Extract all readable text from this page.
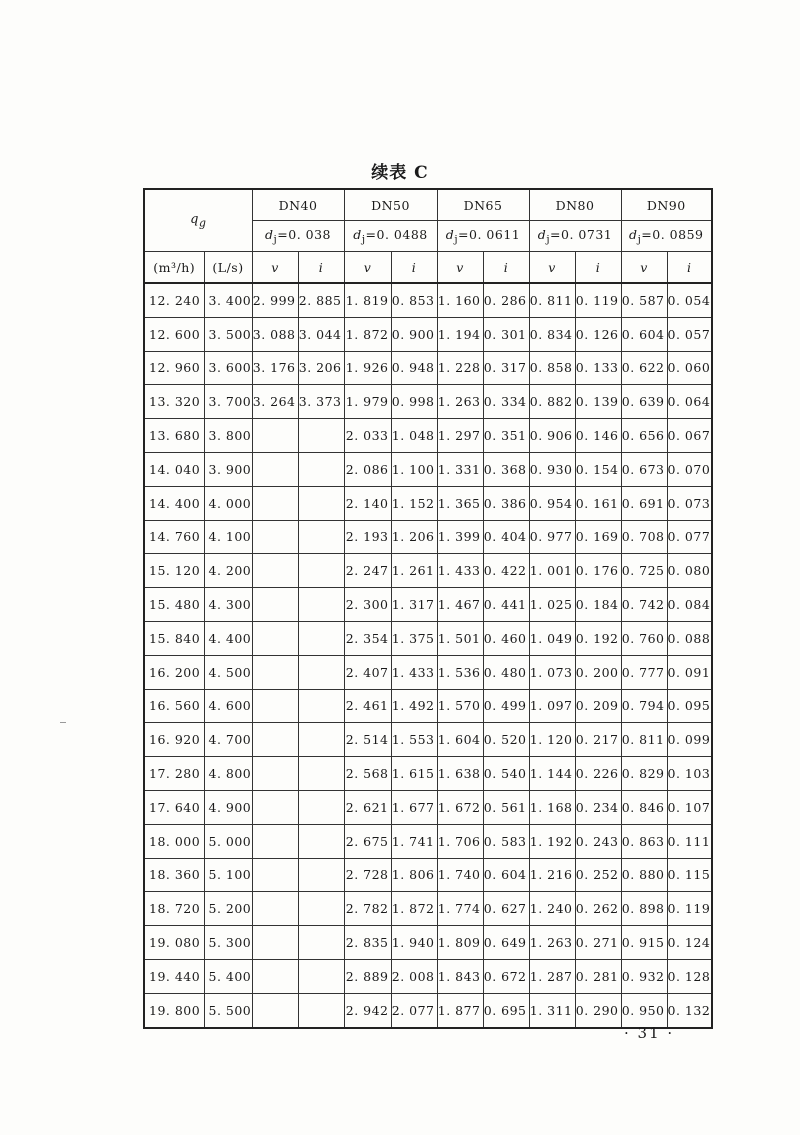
续表 C
$q_g$		DN40		DN50		DN65		DN80		DN90	
		$d_j=0$. 038		$d_j=0$. 0488		$d_j=0$. 0611		$d_j=0$. 0731		$d_j=0$. 0859	
(m³/h)	(L/s)	v	i	v	i	v	i	v	i	v	i
12. 240	3. 400	2. 999	2. 885	1. 819	0. 853	1. 160	0. 286	0. 811	0. 119	0. 587	0. 054
12. 600	3. 500	3. 088	3. 044	1. 872	0. 900	1. 194	0. 301	0. 834	0. 126	0. 604	0. 057
12. 960	3. 600	3. 176	3. 206	1. 926	0. 948	1. 228	0. 317	0. 858	0. 133	0. 622	0. 060
13. 320	3. 700	3. 264	3. 373	1. 979	0. 998	1. 263	0. 334	0. 882	0. 139	0. 639	0. 064
13. 680	3. 800			2. 033	1. 048	1. 297	0. 351	0. 906	0. 146	0. 656	0. 067
14. 040	3. 900			2. 086	1. 100	1. 331	0. 368	0. 930	0. 154	0. 673	0. 070
14. 400	4. 000			2. 140	1. 152	1. 365	0. 386	0. 954	0. 161	0. 691	0. 073
14. 760	4. 100			2. 193	1. 206	1. 399	0. 404	0. 977	0. 169	0. 708	0. 077
15. 120	4. 200			2. 247	1. 261	1. 433	0. 422	1. 001	0. 176	0. 725	0. 080
15. 480	4. 300			2. 300	1. 317	1. 467	0. 441	1. 025	0. 184	0. 742	0. 084
15. 840	4. 400			2. 354	1. 375	1. 501	0. 460	1. 049	0. 192	0. 760	0. 088
16. 200	4. 500			2. 407	1. 433	1. 536	0. 480	1. 073	0. 200	0. 777	0. 091
16. 560	4. 600			2. 461	1. 492	1. 570	0. 499	1. 097	0. 209	0. 794	0. 095
16. 920	4. 700			2. 514	1. 553	1. 604	0. 520	1. 120	0. 217	0. 811	0. 099
17. 280	4. 800			2. 568	1. 615	1. 638	0. 540	1. 144	0. 226	0. 829	0. 103
17. 640	4. 900			2. 621	1. 677	1. 672	0. 561	1. 168	0. 234	0. 846	0. 107
18. 000	5. 000			2. 675	1. 741	1. 706	0. 583	1. 192	0. 243	0. 863	0. 111
18. 360	5. 100			2. 728	1. 806	1. 740	0. 604	1. 216	0. 252	0. 880	0. 115
18. 720	5. 200			2. 782	1. 872	1. 774	0. 627	1. 240	0. 262	0. 898	0. 119
19. 080	5. 300			2. 835	1. 940	1. 809	0. 649	1. 263	0. 271	0. 915	0. 124
19. 440	5. 400			2. 889	2. 008	1. 843	0. 672	1. 287	0. 281	0. 932	0. 128
19. 800	5. 500			2. 942	2. 077	1. 877	0. 695	1. 311	0. 290	0. 950	0. 132
· 31 ·
